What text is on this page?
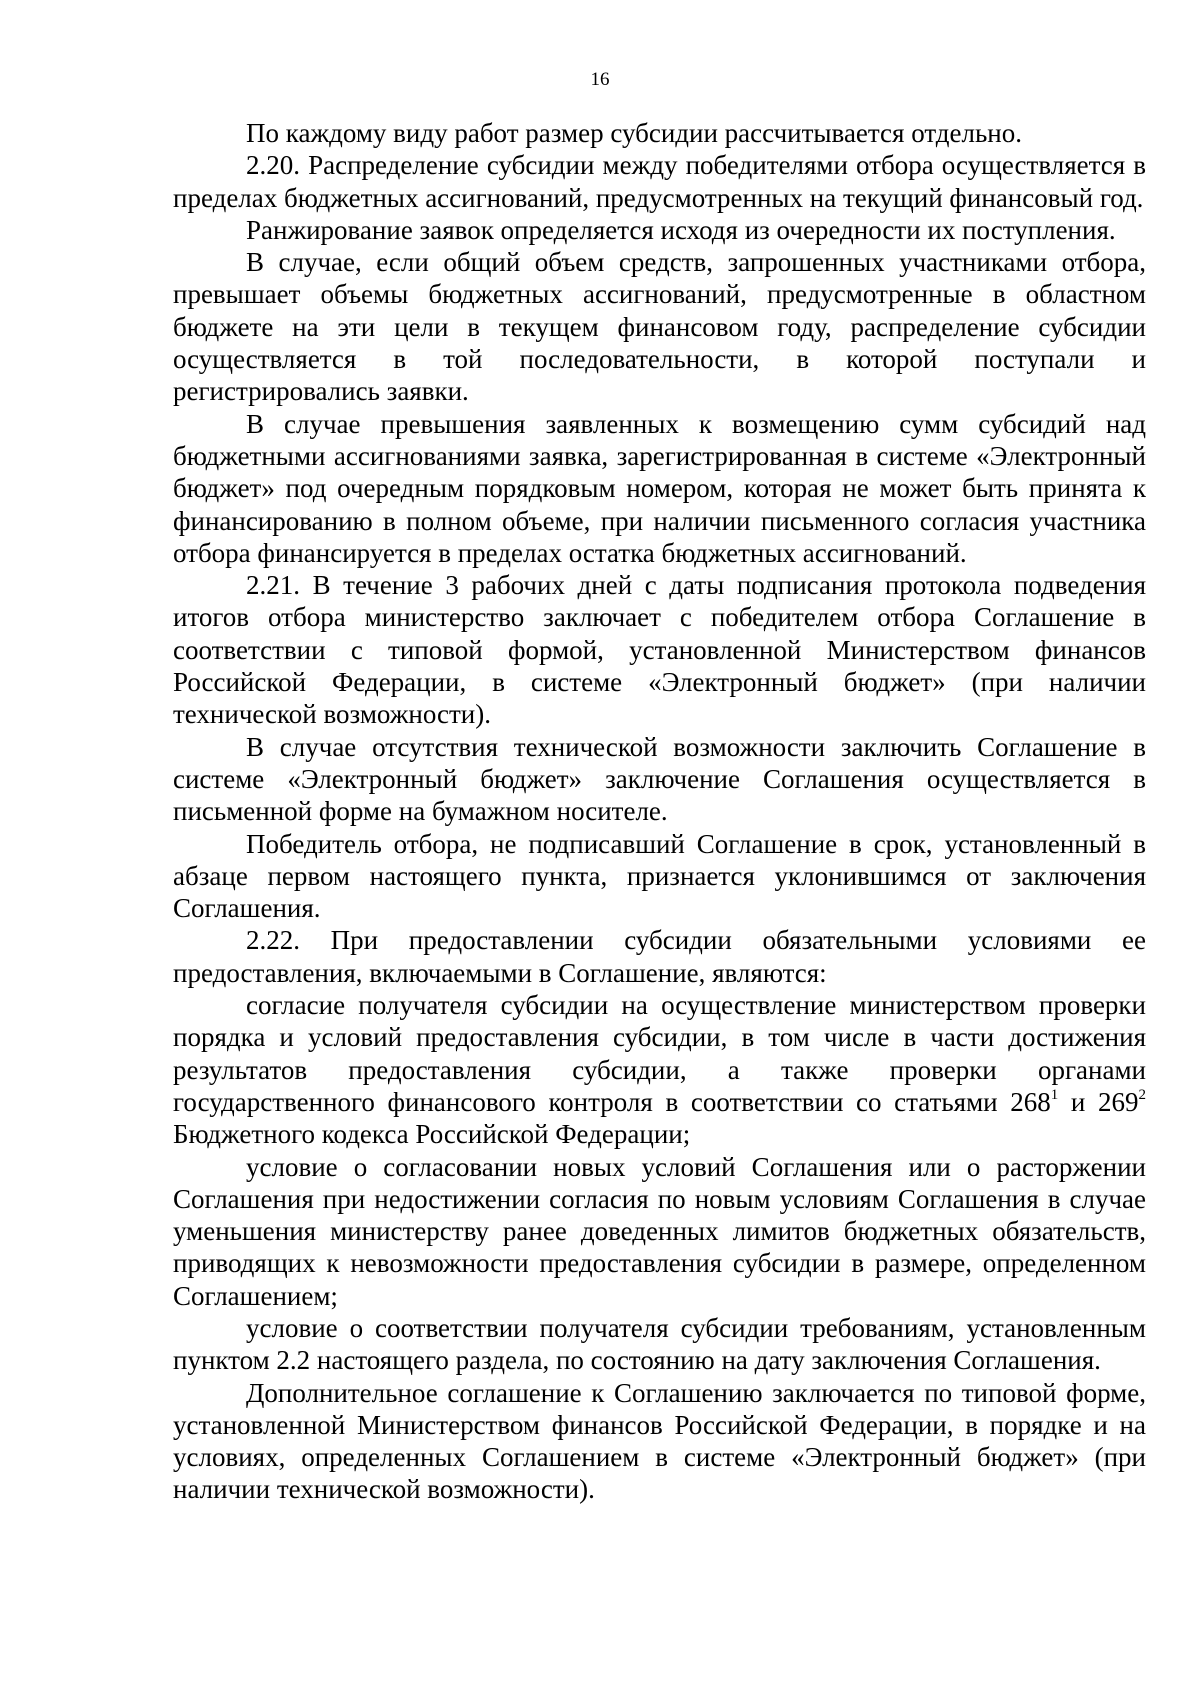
16

По каждому виду работ размер субсидии рассчитывается отдельно.

2.20. Распределение субсидии между победителями отбора осуществляется в пределах бюджетных ассигнований, предусмотренных на текущий финансовый год.

Ранжирование заявок определяется исходя из очередности их поступления.

В случае, если общий объем средств, запрошенных участниками отбора, превышает объемы бюджетных ассигнований, предусмотренные в областном бюджете на эти цели в текущем финансовом году, распределение субсидии осуществляется в той последовательности, в которой поступали и регистрировались заявки.

В случае превышения заявленных к возмещению сумм субсидий над бюджетными ассигнованиями заявка, зарегистрированная в системе «Электронный бюджет» под очередным порядковым номером, которая не может быть принята к финансированию в полном объеме, при наличии письменного согласия участника отбора финансируется в пределах остатка бюджетных ассигнований.

2.21. В течение 3 рабочих дней с даты подписания протокола подведения итогов отбора министерство заключает с победителем отбора Соглашение в соответствии с типовой формой, установленной Министерством финансов Российской Федерации, в системе «Электронный бюджет» (при наличии технической возможности).

В случае отсутствия технической возможности заключить Соглашение в системе «Электронный бюджет» заключение Соглашения осуществляется в письменной форме на бумажном носителе.

Победитель отбора, не подписавший Соглашение в срок, установленный в абзаце первом настоящего пункта, признается уклонившимся от заключения Соглашения.

2.22. При предоставлении субсидии обязательными условиями ее предоставления, включаемыми в Соглашение, являются:

согласие получателя субсидии на осуществление министерством проверки порядка и условий предоставления субсидии, в том числе в части достижения результатов предоставления субсидии, а также проверки органами государственного финансового контроля в соответствии со статьями $268^1$ и $269^2$ Бюджетного кодекса Российской Федерации;

условие о согласовании новых условий Соглашения или о расторжении Соглашения при недостижении согласия по новым условиям Соглашения в случае уменьшения министерству ранее доведенных лимитов бюджетных обязательств, приводящих к невозможности предоставления субсидии в размере, определенном Соглашением;

условие о соответствии получателя субсидии требованиям, установленным пунктом 2.2 настоящего раздела, по состоянию на дату заключения Соглашения.

Дополнительное соглашение к Соглашению заключается по типовой форме, установленной Министерством финансов Российской Федерации, в порядке и на условиях, определенных Соглашением в системе «Электронный бюджет» (при наличии технической возможности).
